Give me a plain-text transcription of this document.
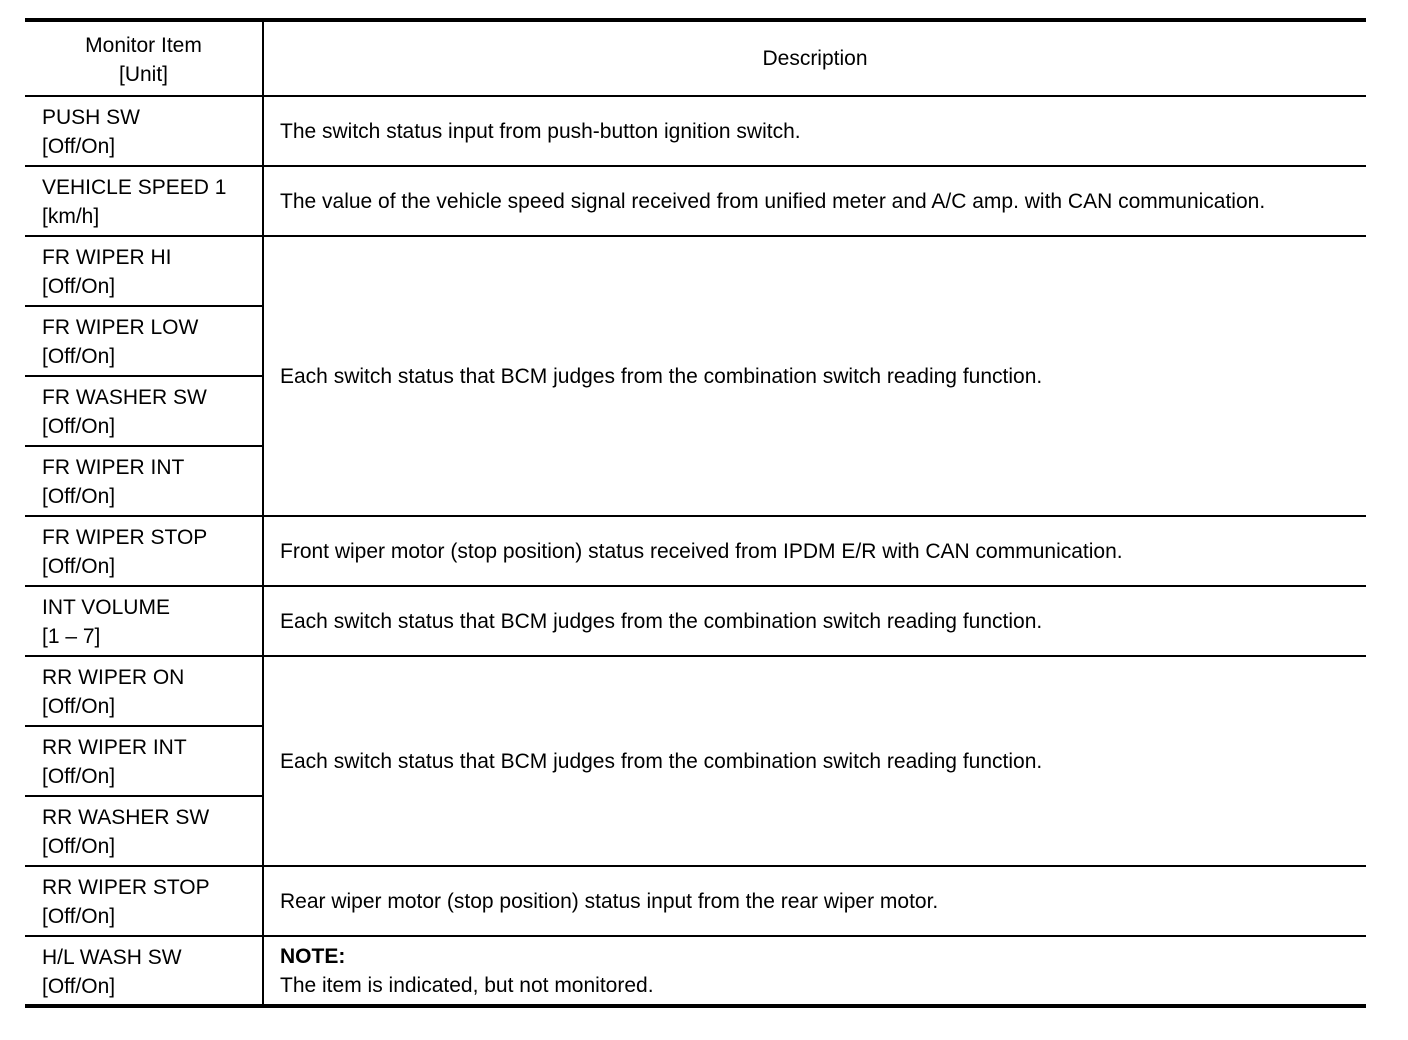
Monitor Item
[Unit]	Description

PUSH SW
[Off/On]	The switch status input from push-button ignition switch.

VEHICLE SPEED 1
[km/h]	The value of the vehicle speed signal received from unified meter and A/C amp. with CAN communication.

FR WIPER HI
[Off/On]	Each switch status that BCM judges from the combination switch reading function.

FR WIPER LOW
[Off/On]	

FR WASHER SW
[Off/On]	

FR WIPER INT
[Off/On]	

FR WIPER STOP
[Off/On]	Front wiper motor (stop position) status received from IPDM E/R with CAN communication.

INT VOLUME
[1 – 7]	Each switch status that BCM judges from the combination switch reading function.

RR WIPER ON
[Off/On]	Each switch status that BCM judges from the combination switch reading function.

RR WIPER INT
[Off/On]	

RR WASHER SW
[Off/On]	

RR WIPER STOP
[Off/On]	Rear wiper motor (stop position) status input from the rear wiper motor.

H/L WASH SW
[Off/On]	NOTE:
The item is indicated, but not monitored.
